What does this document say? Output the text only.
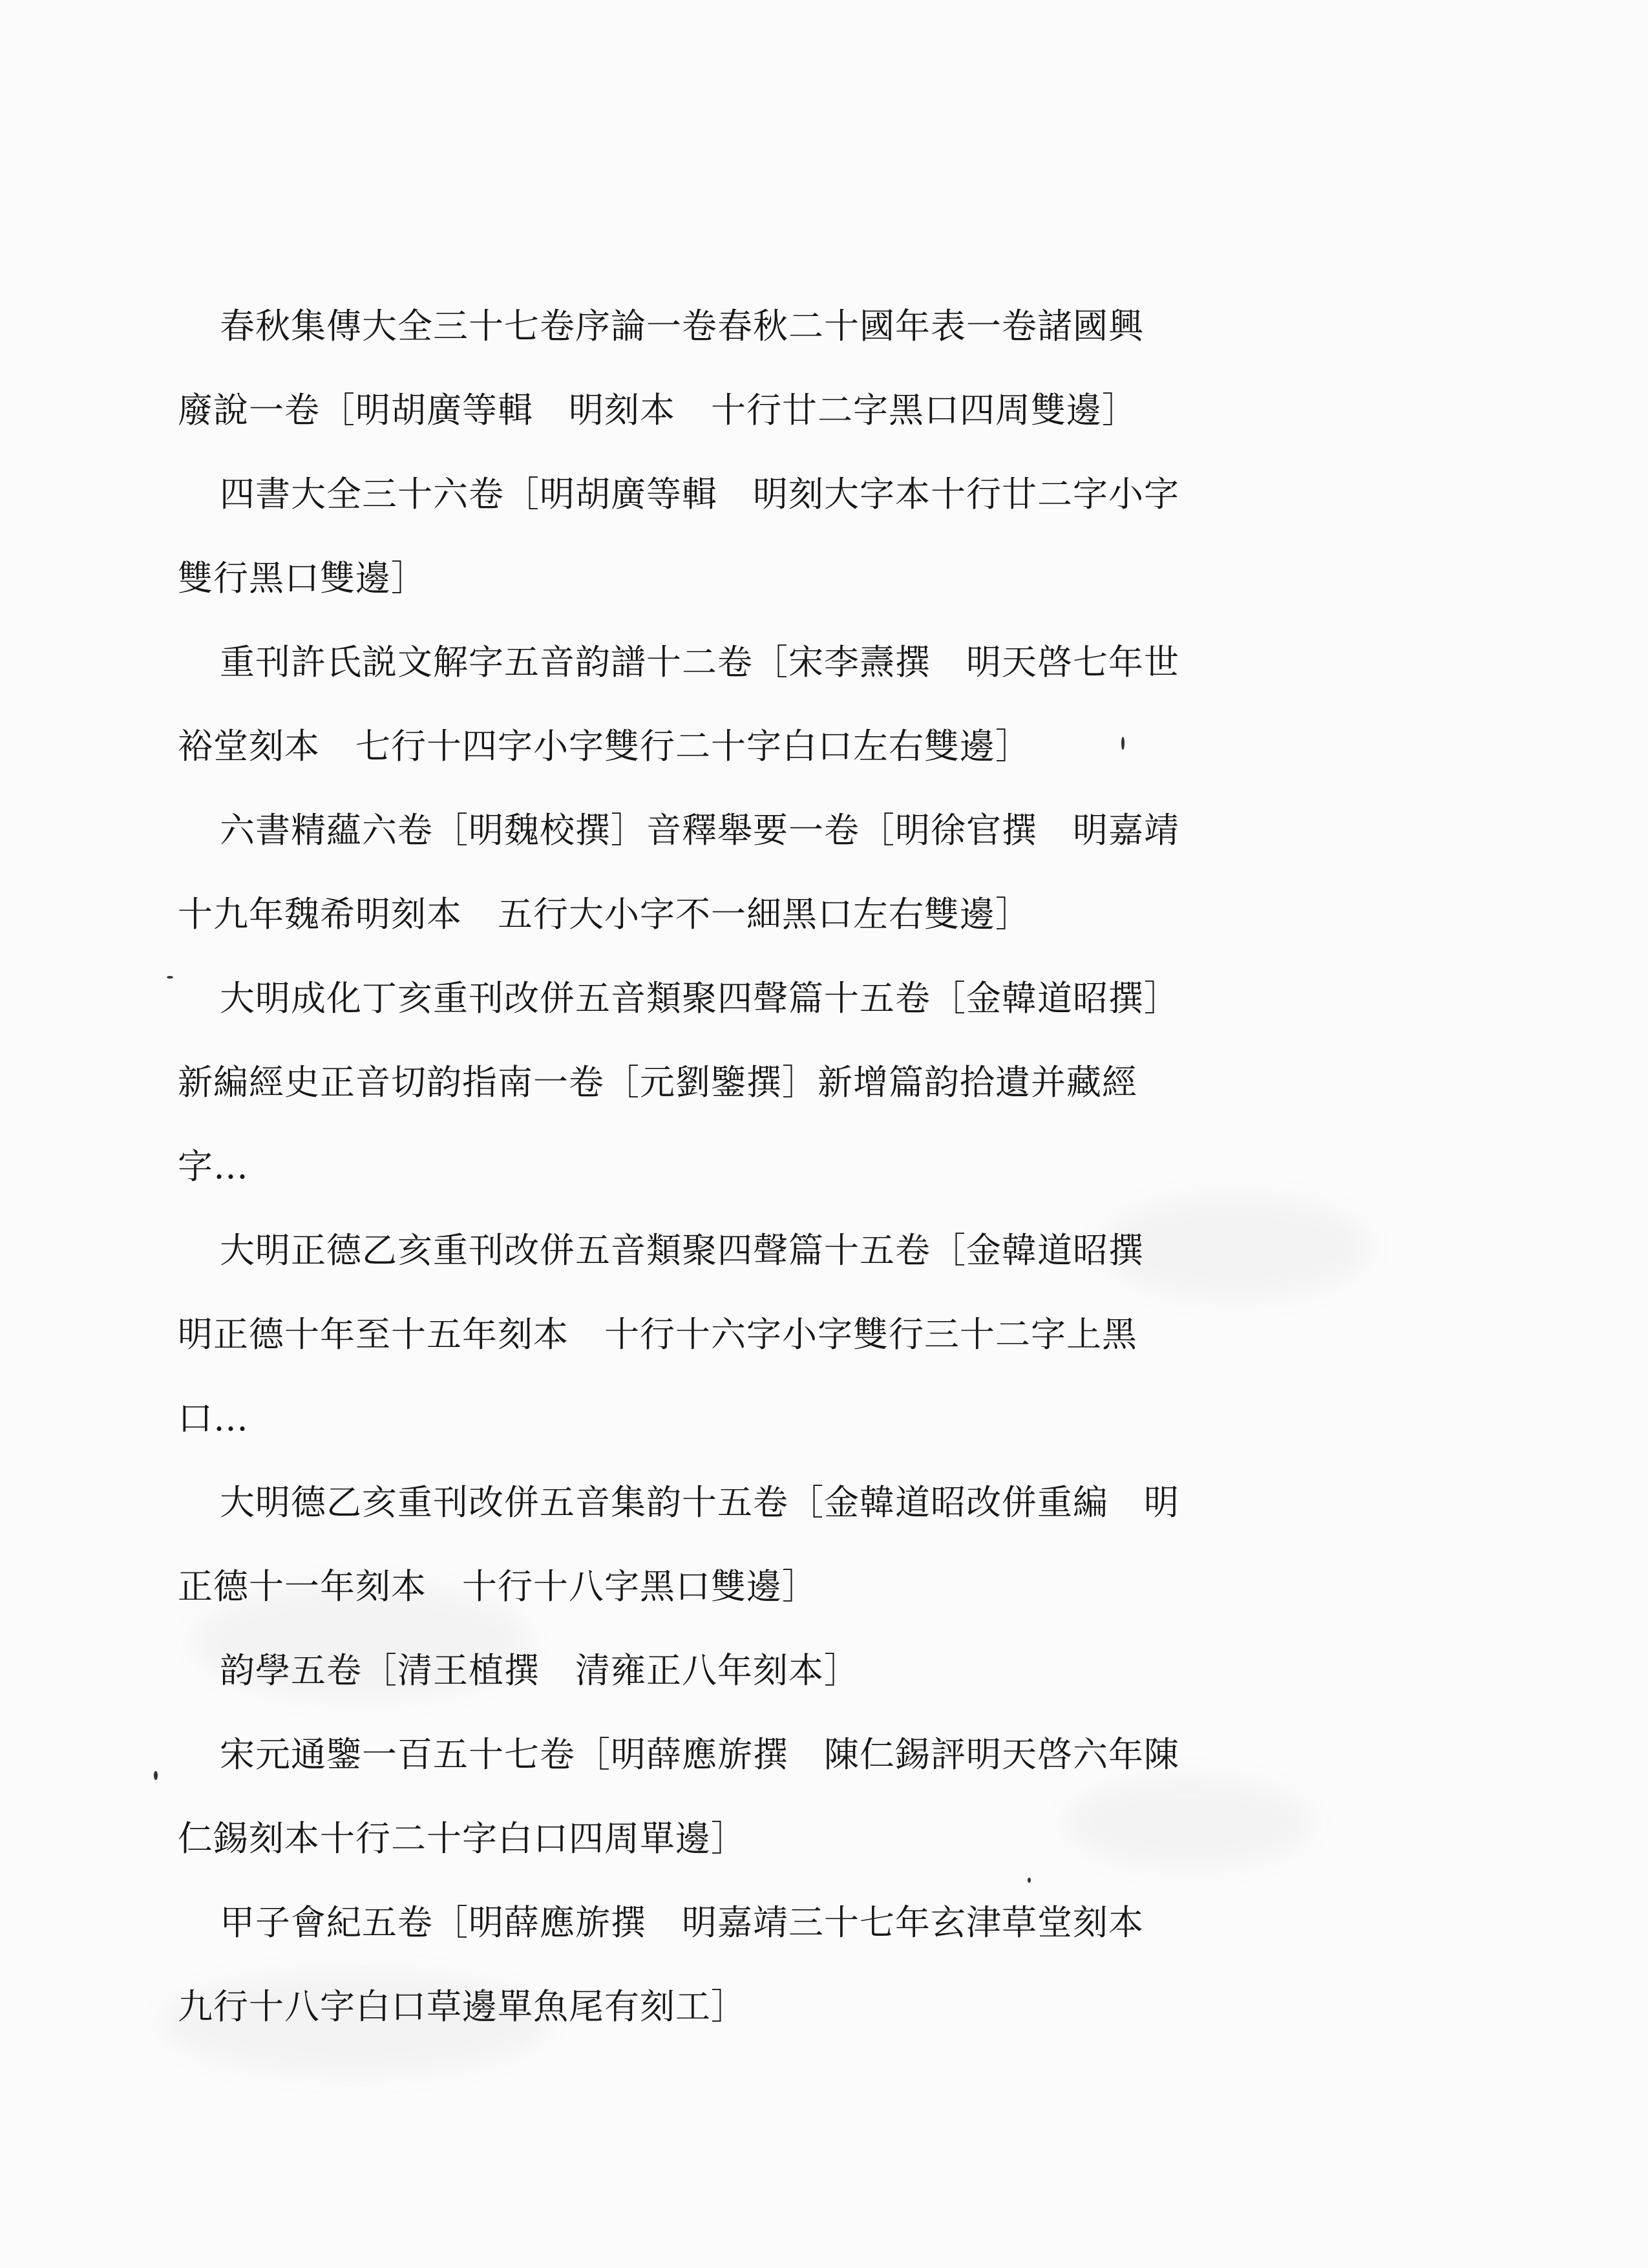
春秋集傳大全三十七卷序論一卷春秋二十國年表一卷諸國興
廢說一卷［明胡廣等輯　明刻本　十行廿二字黑口四周雙邊］
四書大全三十六卷［明胡廣等輯　明刻大字本十行廿二字小字
雙行黑口雙邊］
重刊許氏説文解字五音韵譜十二卷［宋李燾撰　明天啓七年世
裕堂刻本　七行十四字小字雙行二十字白口左右雙邊］
六書精蘊六卷［明魏校撰］音釋舉要一卷［明徐官撰　明嘉靖
十九年魏希明刻本　五行大小字不一細黑口左右雙邊］
大明成化丁亥重刊改併五音類聚四聲篇十五卷［金韓道昭撰］
新編經史正音切韵指南一卷［元劉鑒撰］新增篇韵拾遺并藏經
字…
大明正德乙亥重刊改併五音類聚四聲篇十五卷［金韓道昭撰
明正德十年至十五年刻本　十行十六字小字雙行三十二字上黑
口…
大明德乙亥重刊改併五音集韵十五卷［金韓道昭改併重編　明
正德十一年刻本　十行十八字黑口雙邊］
韵學五卷［清王植撰　清雍正八年刻本］
宋元通鑒一百五十七卷［明薛應旂撰　陳仁錫評明天啓六年陳
仁錫刻本十行二十字白口四周單邊］
甲子會紀五卷［明薛應旂撰　明嘉靖三十七年玄津草堂刻本
九行十八字白口草邊單魚尾有刻工］
